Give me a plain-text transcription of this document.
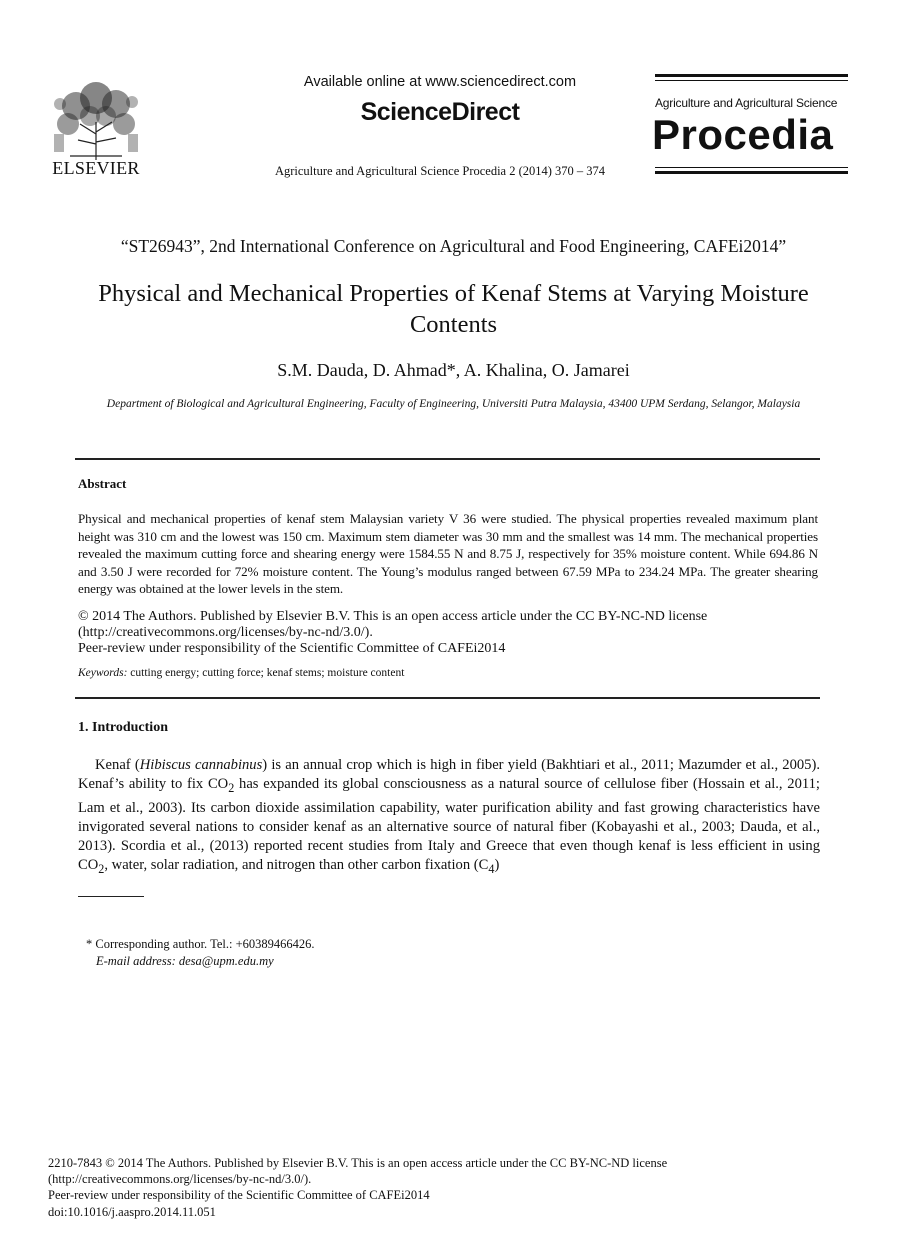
ELSEVIER
Available online at www.sciencedirect.com
ScienceDirect
Agriculture and Agricultural Science Procedia 2 (2014) 370 – 374
Agriculture and Agricultural Science
Procedia
“ST26943”, 2nd International Conference on Agricultural and Food Engineering, CAFEi2014”
Physical and Mechanical Properties of Kenaf Stems at Varying Moisture Contents
S.M. Dauda, D. Ahmad*, A. Khalina, O. Jamarei
Department of Biological and Agricultural Engineering, Faculty of Engineering, Universiti Putra Malaysia, 43400 UPM Serdang, Selangor, Malaysia
Abstract
Physical and mechanical properties of kenaf stem Malaysian variety V 36 were studied. The physical properties revealed maximum plant height was 310 cm and the lowest was 150 cm. Maximum stem diameter was 30 mm and the smallest was 14 mm. The mechanical properties revealed the maximum cutting force and shearing energy were 1584.55 N and 8.75 J, respectively for 35% moisture content. While 694.86 N and 3.50 J were recorded for 72% moisture content. The Young’s modulus ranged between 67.59 MPa to 234.24 MPa. The greater shearing energy was obtained at the lower levels in the stem.
© 2014 The Authors. Published by Elsevier B.V. This is an open access article under the CC BY-NC-ND license
(http://creativecommons.org/licenses/by-nc-nd/3.0/).
Peer-review under responsibility of the Scientific Committee of CAFEi2014
Keywords: cutting energy; cutting force; kenaf stems; moisture content
1. Introduction
Kenaf (Hibiscus cannabinus) is an annual crop which is high in fiber yield (Bakhtiari et al., 2011; Mazumder et al., 2005). Kenaf’s ability to fix $CO_2$ has expanded its global consciousness as a natural source of cellulose fiber (Hossain et al., 2011; Lam et al., 2003). Its carbon dioxide assimilation capability, water purification ability and fast growing characteristics have invigorated several nations to consider kenaf as an alternative source of natural fiber (Kobayashi et al., 2003; Dauda, et al., 2013). Scordia et al., (2013) reported recent studies from Italy and Greece that even though kenaf is less efficient in using $CO_2$, water, solar radiation, and nitrogen than other carbon fixation $(C_4)$
* Corresponding author. Tel.: +60389466426.
E-mail address: desa@upm.edu.my
2210-7843 © 2014 The Authors. Published by Elsevier B.V. This is an open access article under the CC BY-NC-ND license
(http://creativecommons.org/licenses/by-nc-nd/3.0/).
Peer-review under responsibility of the Scientific Committee of CAFEi2014
doi:10.1016/j.aaspro.2014.11.051
